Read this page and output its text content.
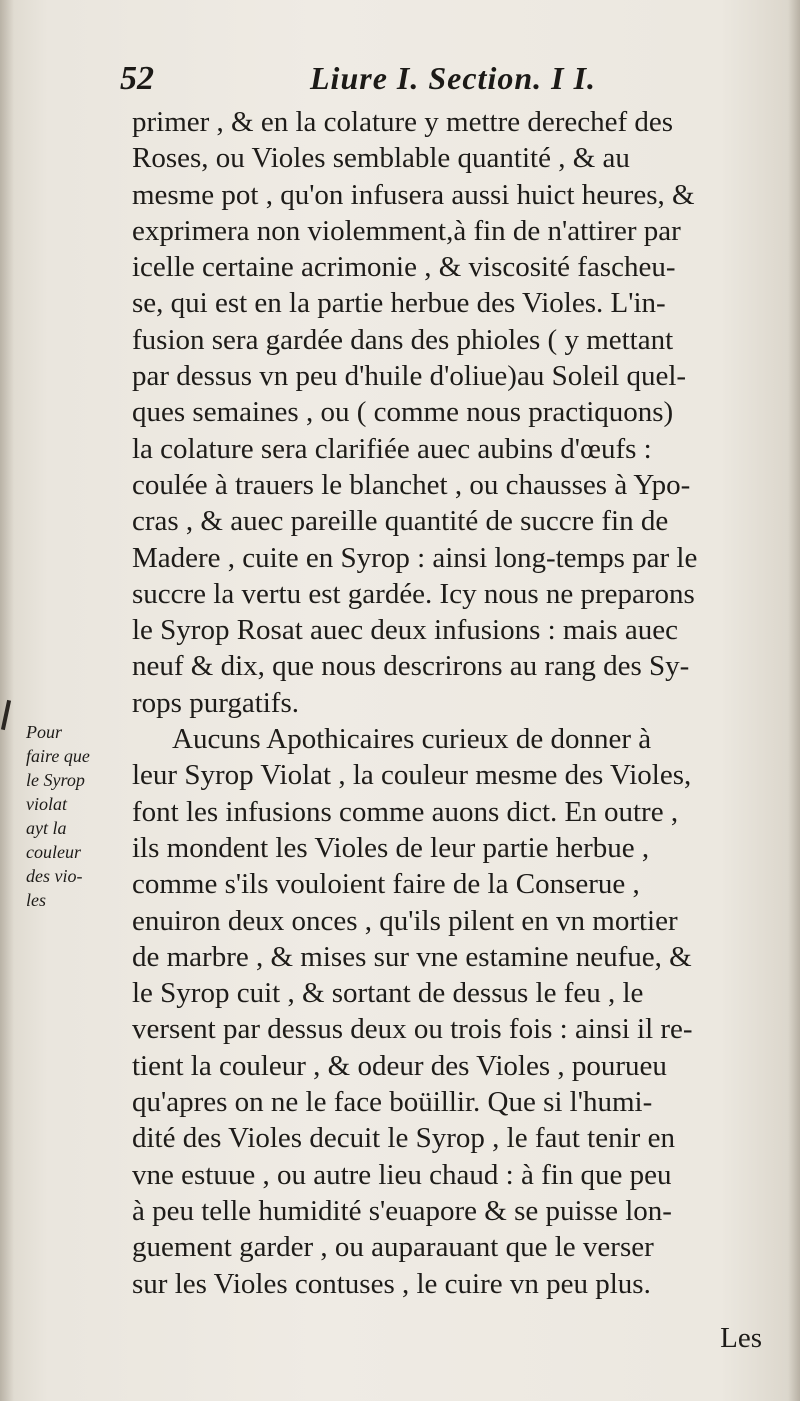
52	Liure I. Section. I I.
primer , & en la colature y mettre derechef des
Roses, ou Violes semblable quantité , & au
mesme pot , qu'on infusera aussi huict heures, &
exprimera non violemment,à fin de n'attirer par
icelle certaine acrimonie , & viscosité fascheu-
se, qui est en la partie herbue des Violes. L'in-
fusion sera gardée dans des phioles ( y mettant
par dessus vn peu d'huile d'oliue)au Soleil quel-
ques semaines , ou ( comme nous practiquons)
la colature sera clarifiée auec aubins d'œufs :
coulée à trauers le blanchet , ou chausses à Ypo-
cras , & auec pareille quantité de succre fin de
Madere , cuite en Syrop : ainsi long-temps par le
succre la vertu est gardée. Icy nous ne preparons
le Syrop Rosat auec deux infusions : mais auec
neuf & dix, que nous descrirons au rang des Sy-
rops purgatifs.
Aucuns Apothicaires curieux de donner à
leur Syrop Violat , la couleur mesme des Violes,
font les infusions comme auons dict. En outre ,
ils mondent les Violes de leur partie herbue ,
comme s'ils vouloient faire de la Conserue ,
enuiron deux onces , qu'ils pilent en vn mortier
de marbre , & mises sur vne estamine neufue, &
le Syrop cuit , & sortant de dessus le feu , le
versent par dessus deux ou trois fois : ainsi il re-
tient la couleur , & odeur des Violes , pourueu
qu'apres on ne le face boüillir. Que si l'humi-
dité des Violes decuit le Syrop , le faut tenir en
vne estuue , ou autre lieu chaud : à fin que peu
à peu telle humidité s'euapore & se puisse lon-
guement garder , ou auparauant que le verser
sur les Violes contuses , le cuire vn peu plus.
Pour
faire que
le Syrop
violat
ayt la
couleur
des vio-
les
Les
